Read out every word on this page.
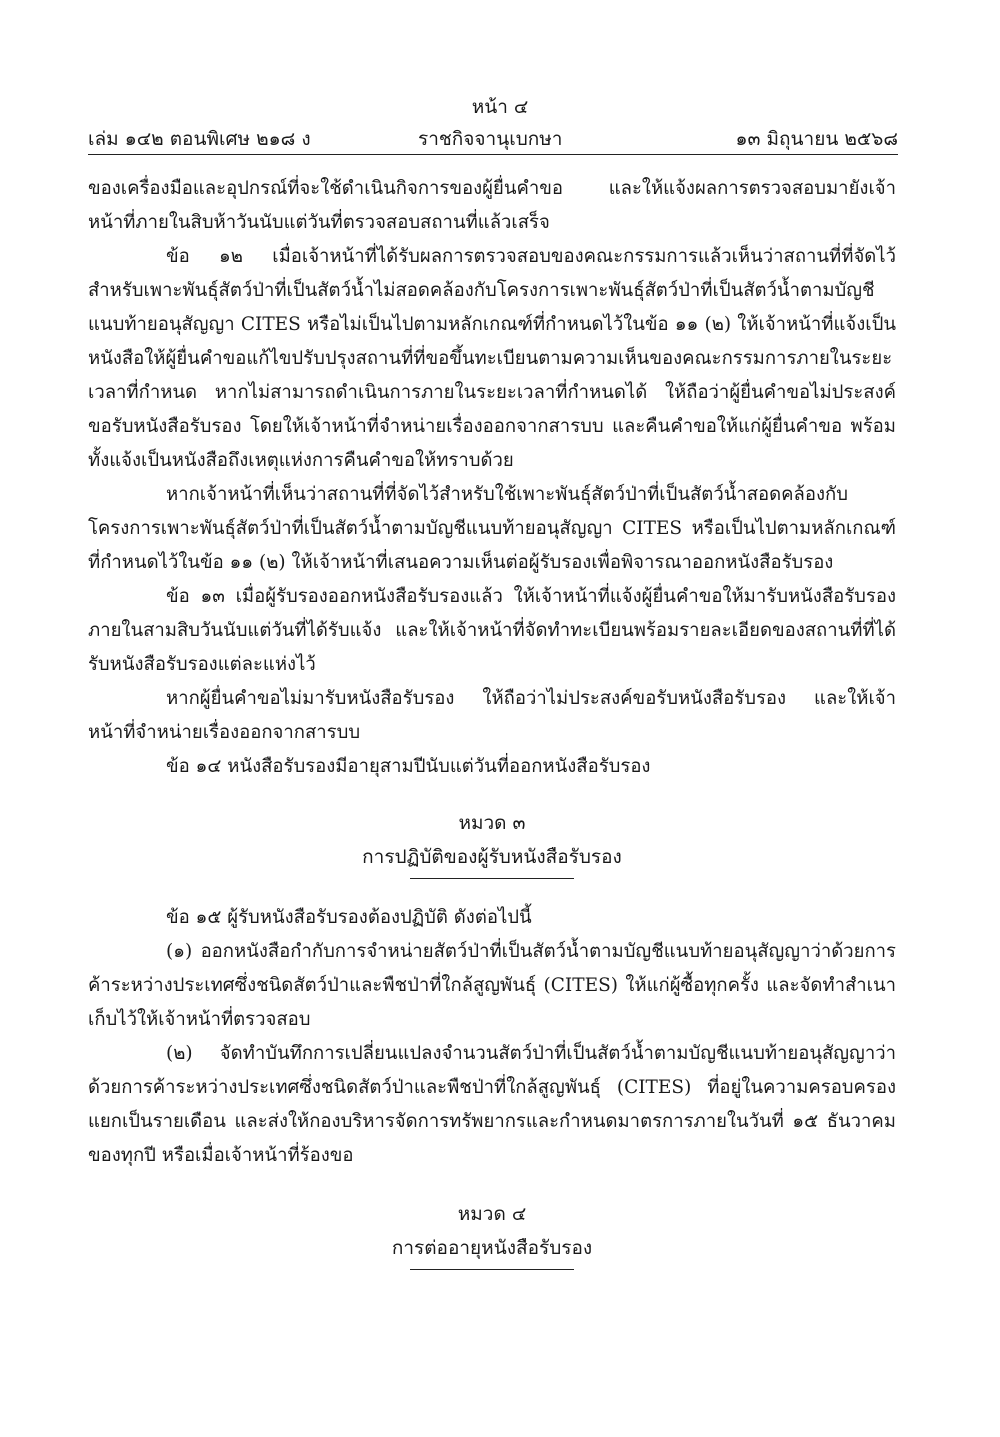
หน้า ๔
เล่ม ๑๔๒ ตอนพิเศษ ๒๑๘ ง	ราชกิจจานุเบกษา	๑๓ มิถุนายน ๒๕๖๘

ของเครื่องมือและอุปกรณ์ที่จะใช้ดำเนินกิจการของผู้ยื่นคำขอ และให้แจ้งผลการตรวจสอบมายังเจ้าหน้าที่ภายในสิบห้าวันนับแต่วันที่ตรวจสอบสถานที่แล้วเสร็จ

ข้อ ๑๒ เมื่อเจ้าหน้าที่ได้รับผลการตรวจสอบของคณะกรรมการแล้วเห็นว่าสถานที่ที่จัดไว้สำหรับเพาะพันธุ์สัตว์ป่าที่เป็นสัตว์น้ำไม่สอดคล้องกับโครงการเพาะพันธุ์สัตว์ป่าที่เป็นสัตว์น้ำตามบัญชีแนบท้ายอนุสัญญา CITES หรือไม่เป็นไปตามหลักเกณฑ์ที่กำหนดไว้ในข้อ ๑๑ (๒) ให้เจ้าหน้าที่แจ้งเป็นหนังสือให้ผู้ยื่นคำขอแก้ไขปรับปรุงสถานที่ที่ขอขึ้นทะเบียนตามความเห็นของคณะกรรมการภายในระยะเวลาที่กำหนด หากไม่สามารถดำเนินการภายในระยะเวลาที่กำหนดได้ ให้ถือว่าผู้ยื่นคำขอไม่ประสงค์ขอรับหนังสือรับรอง โดยให้เจ้าหน้าที่จำหน่ายเรื่องออกจากสารบบ และคืนคำขอให้แก่ผู้ยื่นคำขอ พร้อมทั้งแจ้งเป็นหนังสือถึงเหตุแห่งการคืนคำขอให้ทราบด้วย

หากเจ้าหน้าที่เห็นว่าสถานที่ที่จัดไว้สำหรับใช้เพาะพันธุ์สัตว์ป่าที่เป็นสัตว์น้ำสอดคล้องกับโครงการเพาะพันธุ์สัตว์ป่าที่เป็นสัตว์น้ำตามบัญชีแนบท้ายอนุสัญญา CITES หรือเป็นไปตามหลักเกณฑ์ที่กำหนดไว้ในข้อ ๑๑ (๒) ให้เจ้าหน้าที่เสนอความเห็นต่อผู้รับรองเพื่อพิจารณาออกหนังสือรับรอง

ข้อ ๑๓ เมื่อผู้รับรองออกหนังสือรับรองแล้ว ให้เจ้าหน้าที่แจ้งผู้ยื่นคำขอให้มารับหนังสือรับรองภายในสามสิบวันนับแต่วันที่ได้รับแจ้ง และให้เจ้าหน้าที่จัดทำทะเบียนพร้อมรายละเอียดของสถานที่ที่ได้รับหนังสือรับรองแต่ละแห่งไว้

หากผู้ยื่นคำขอไม่มารับหนังสือรับรอง ให้ถือว่าไม่ประสงค์ขอรับหนังสือรับรอง และให้เจ้าหน้าที่จำหน่ายเรื่องออกจากสารบบ

ข้อ ๑๔ หนังสือรับรองมีอายุสามปีนับแต่วันที่ออกหนังสือรับรอง

หมวด ๓
การปฏิบัติของผู้รับหนังสือรับรอง

ข้อ ๑๕ ผู้รับหนังสือรับรองต้องปฏิบัติ ดังต่อไปนี้

(๑) ออกหนังสือกำกับการจำหน่ายสัตว์ป่าที่เป็นสัตว์น้ำตามบัญชีแนบท้ายอนุสัญญาว่าด้วยการค้าระหว่างประเทศซึ่งชนิดสัตว์ป่าและพืชป่าที่ใกล้สูญพันธุ์ (CITES) ให้แก่ผู้ซื้อทุกครั้ง และจัดทำสำเนาเก็บไว้ให้เจ้าหน้าที่ตรวจสอบ

(๒) จัดทำบันทึกการเปลี่ยนแปลงจำนวนสัตว์ป่าที่เป็นสัตว์น้ำตามบัญชีแนบท้ายอนุสัญญาว่าด้วยการค้าระหว่างประเทศซึ่งชนิดสัตว์ป่าและพืชป่าที่ใกล้สูญพันธุ์ (CITES) ที่อยู่ในความครอบครองแยกเป็นรายเดือน และส่งให้กองบริหารจัดการทรัพยากรและกำหนดมาตรการภายในวันที่ ๑๕ ธันวาคมของทุกปี หรือเมื่อเจ้าหน้าที่ร้องขอ

หมวด ๔
การต่ออายุหนังสือรับรอง
